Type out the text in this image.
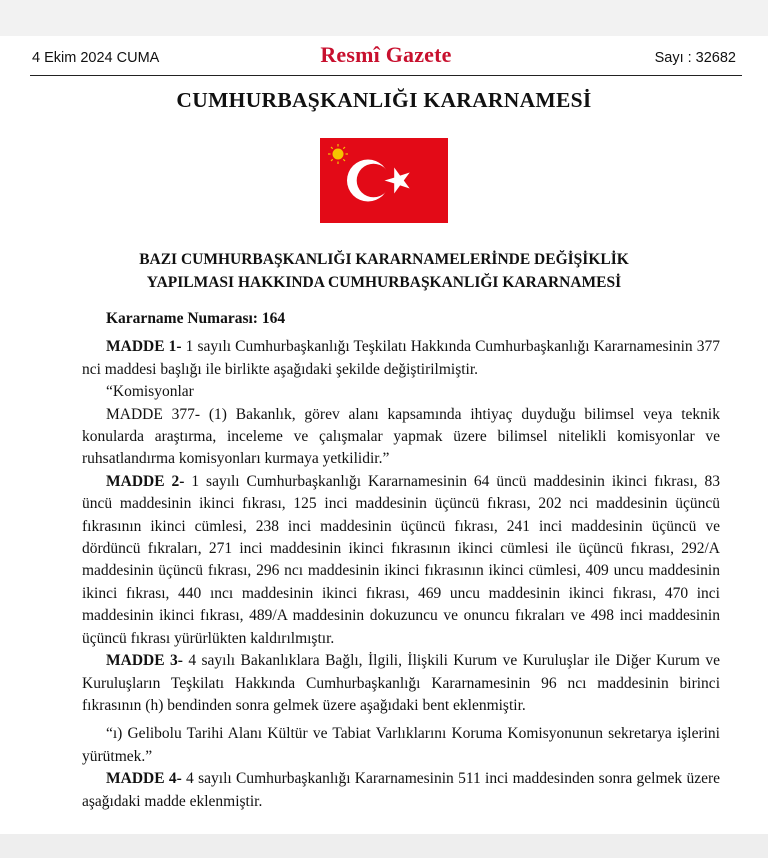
4 Ekim 2024 CUMA	Resmî Gazete	Sayı : 32682
CUMHURBAŞKANLIĞI KARARNAMESİ
BAZI CUMHURBAŞKANLIĞI KARARNAMELERİNDE DEĞİŞİKLİK
YAPILMASI HAKKINDA CUMHURBAŞKANLIĞI KARARNAMESİ

Kararname Numarası: 164

MADDE 1- 1 sayılı Cumhurbaşkanlığı Teşkilatı Hakkında Cumhurbaşkanlığı Kararnamesinin 377 nci maddesi başlığı ile birlikte aşağıdaki şekilde değiştirilmiştir.

“Komisyonlar

MADDE 377- (1) Bakanlık, görev alanı kapsamında ihtiyaç duyduğu bilimsel veya teknik konularda araştırma, inceleme ve çalışmalar yapmak üzere bilimsel nitelikli komisyonlar ve ruhsatlandırma komisyonları kurmaya yetkilidir.”

MADDE 2- 1 sayılı Cumhurbaşkanlığı Kararnamesinin 64 üncü maddesinin ikinci fıkrası, 83 üncü maddesinin ikinci fıkrası, 125 inci maddesinin üçüncü fıkrası, 202 nci maddesinin üçüncü fıkrasının ikinci cümlesi, 238 inci maddesinin üçüncü fıkrası, 241 inci maddesinin üçüncü ve dördüncü fıkraları, 271 inci maddesinin ikinci fıkrasının ikinci cümlesi ile üçüncü fıkrası, 292/A maddesinin üçüncü fıkrası, 296 ncı maddesinin ikinci fıkrasının ikinci cümlesi, 409 uncu maddesinin ikinci fıkrası, 440 ıncı maddesinin ikinci fıkrası, 469 uncu maddesinin ikinci fıkrası, 470 inci maddesinin ikinci fıkrası, 489/A maddesinin dokuzuncu ve onuncu fıkraları ve 498 inci maddesinin üçüncü fıkrası yürürlükten kaldırılmıştır.

MADDE 3- 4 sayılı Bakanlıklara Bağlı, İlgili, İlişkili Kurum ve Kuruluşlar ile Diğer Kurum ve Kuruluşların Teşkilatı Hakkında Cumhurbaşkanlığı Kararnamesinin 96 ncı maddesinin birinci fıkrasının (h) bendinden sonra gelmek üzere aşağıdaki bent eklenmiştir.

“ı) Gelibolu Tarihi Alanı Kültür ve Tabiat Varlıklarını Koruma Komisyonunun sekretarya işlerini yürütmek.”

MADDE 4- 4 sayılı Cumhurbaşkanlığı Kararnamesinin 511 inci maddesinden sonra gelmek üzere aşağıdaki madde eklenmiştir.
